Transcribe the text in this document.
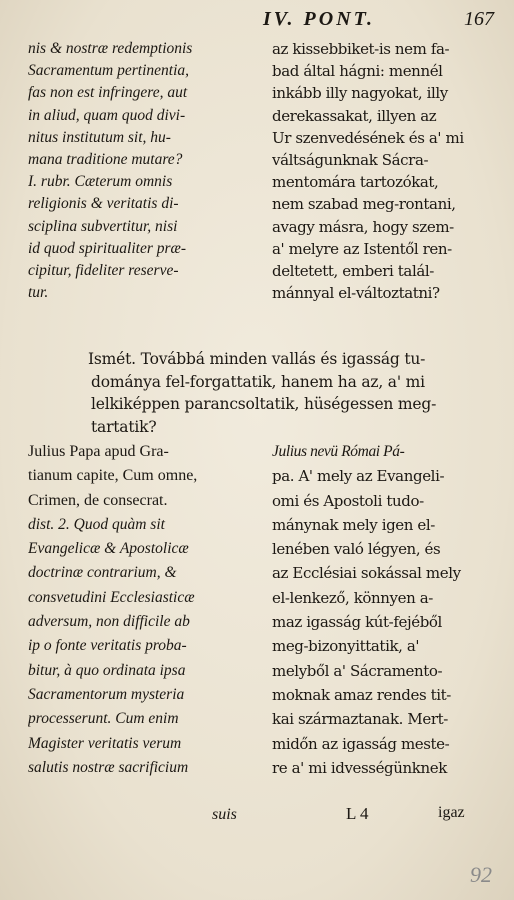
IV. PONT.	167
nis & nostræ redemptionis
Sacramentum pertinentia,
fas non est infringere, aut
in aliud, quam quod divi-
nitus institutum sit, hu-
mana traditione mutare?
I. rubr. Cæterum omnis
religionis & veritatis di-
sciplina subvertitur, nisi
id quod spiritualiter præ-
cipitur, fideliter reserve-
tur.
az kissebbiket-is nem fa-
bad által hágni: mennél
inkább illy nagyokat, illy
derekassakat, illyen az
Ur szenvedésének és a' mi
váltságunknak Sácra-
mentomára tartozókat,
nem szabad meg-rontani,
avagy másra, hogy szem-
a' melyre az Istentől ren-
deltetett, emberi talál-
mánnyal el-változtatni?
Ismét. Továbbá minden vallás és igasság tu-
dománya fel-forgattatik, hanem ha az, a' mi
lelkiképpen parancsoltatik, hüségessen meg-
tartatik?
Julius Papa apud Gra-
tianum capite, Cum omne,
Crimen, de consecrat.
dist. 2. Quod quàm sit
Evangelicæ & Apostolicæ
doctrinæ contrarium, &
consvetudini Ecclesiasticæ
adversum, non difficile ab
ip o fonte veritatis proba-
bitur, à quo ordinata ipsa
Sacramentorum mysteria
processerunt. Cum enim
Magister veritatis verum
salutis nostræ sacrificium
Julius nevü Római Pá-
pa. A' mely az Evangeli-
omi és Apostoli tudo-
mánynak mely igen el-
lenében való légyen, és
az Ecclésiai sokással mely
el-lenkező, könnyen a-
maz igasság kút-fejéből
meg-bizonyittatik, a'
melyből a' Sácramento-
moknak amaz rendes tit-
kai származtanak. Mert-
midőn az igasság meste-
re a' mi idvességünknek
suis	L 4	igaz
92
